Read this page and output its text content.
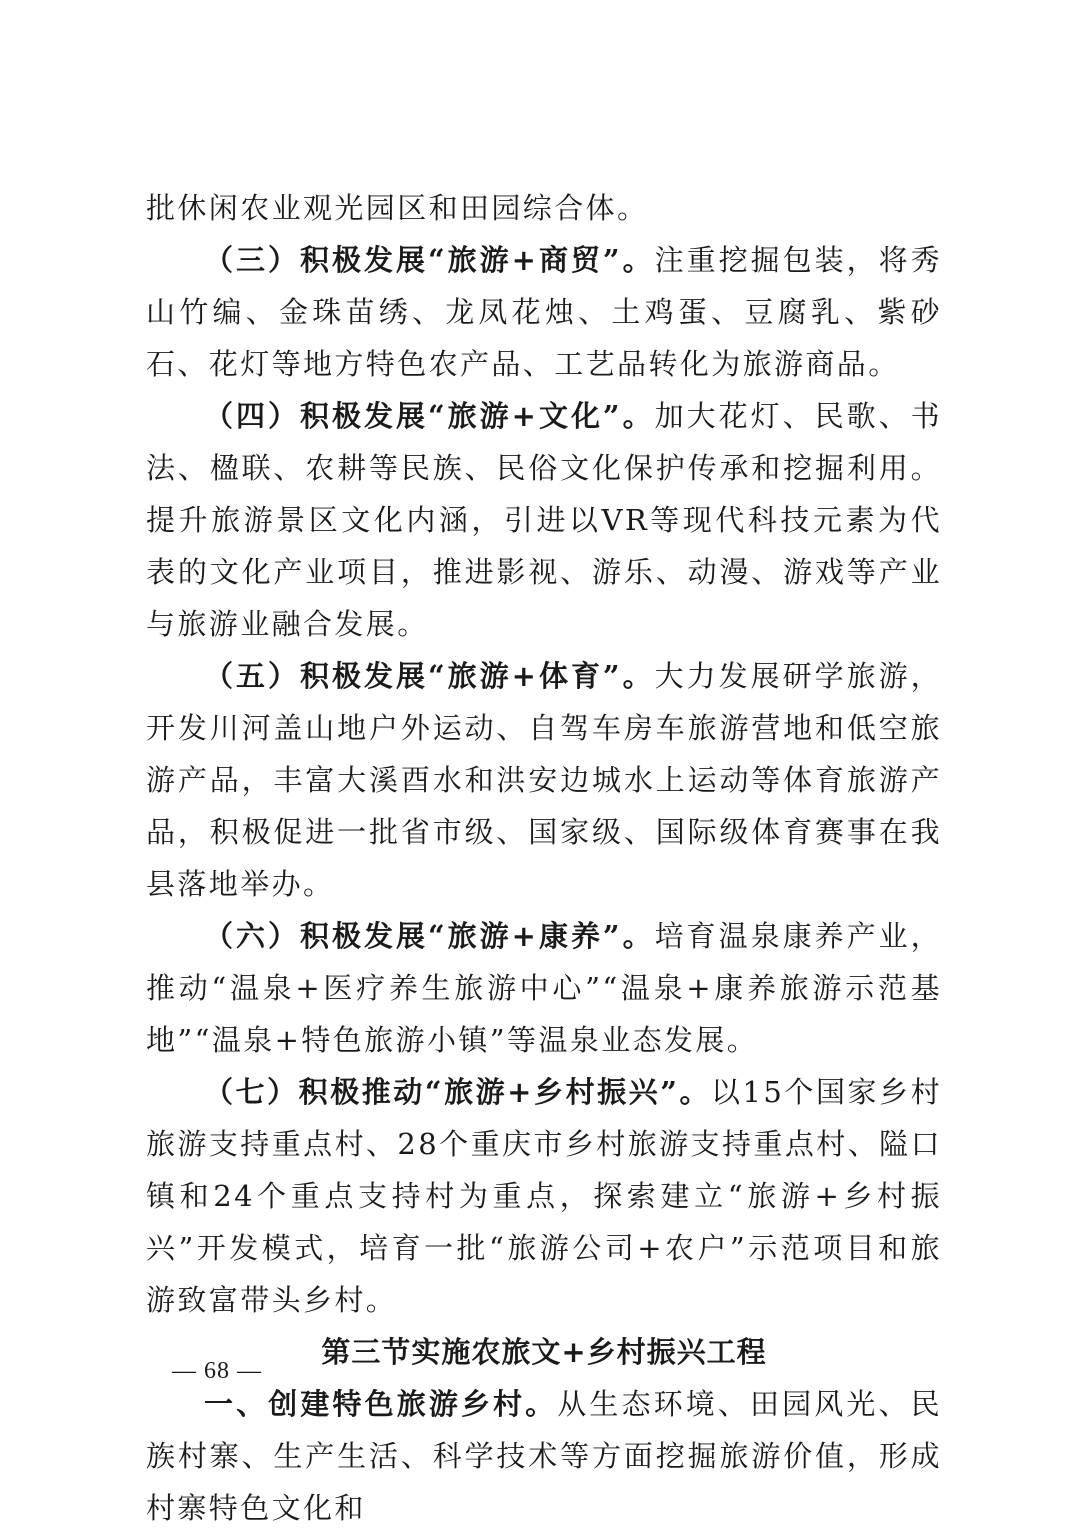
批休闲农业观光园区和田园综合体。

（三）积极发展“旅游+商贸”。注重挖掘包装，将秀山竹编、金珠苗绣、龙凤花烛、土鸡蛋、豆腐乳、紫砂石、花灯等地方特色农产品、工艺品转化为旅游商品。

（四）积极发展“旅游+文化”。加大花灯、民歌、书法、楹联、农耕等民族、民俗文化保护传承和挖掘利用。提升旅游景区文化内涵，引进以VR等现代科技元素为代表的文化产业项目，推进影视、游乐、动漫、游戏等产业与旅游业融合发展。

（五）积极发展“旅游+体育”。大力发展研学旅游，开发川河盖山地户外运动、自驾车房车旅游营地和低空旅游产品，丰富大溪酉水和洪安边城水上运动等体育旅游产品，积极促进一批省市级、国家级、国际级体育赛事在我县落地举办。

（六）积极发展“旅游+康养”。培育温泉康养产业，推动“温泉+医疗养生旅游中心”“温泉+康养旅游示范基地”“温泉+特色旅游小镇”等温泉业态发展。

（七）积极推动“旅游+乡村振兴”。以15个国家乡村旅游支持重点村、28个重庆市乡村旅游支持重点村、隘口镇和24个重点支持村为重点，探索建立“旅游+乡村振兴”开发模式，培育一批“旅游公司+农户”示范项目和旅游致富带头乡村。

第三节实施农旅文+乡村振兴工程

一、创建特色旅游乡村。从生态环境、田园风光、民族村寨、生产生活、科学技术等方面挖掘旅游价值，形成村寨特色文化和

— 68 —
